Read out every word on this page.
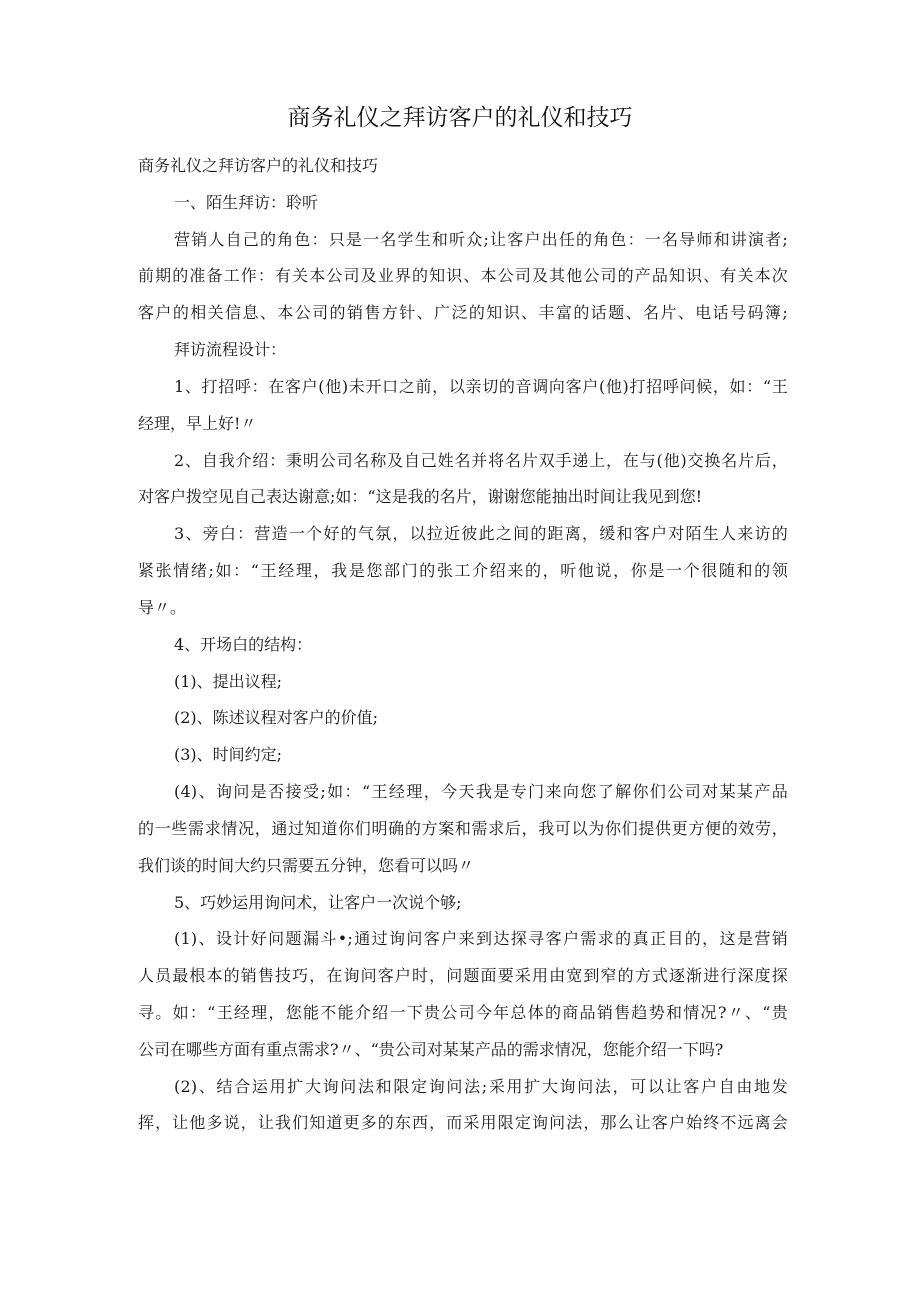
商务礼仪之拜访客户的礼仪和技巧
商务礼仪之拜访客户的礼仪和技巧
一、陌生拜访：聆听
营销人自己的角色：只是一名学生和听众;让客户出任的角色：一名导师和讲演者;
前期的准备工作：有关本公司及业界的知识、本公司及其他公司的产品知识、有关本次
客户的相关信息、本公司的销售方针、广泛的知识、丰富的话题、名片、电话号码簿;
拜访流程设计：
1、打招呼：在客户(他)未开口之前，以亲切的音调向客户(他)打招呼问候，如：“王
经理，早上好!〃
2、自我介绍：秉明公司名称及自己姓名并将名片双手递上，在与(他)交换名片后，
对客户拨空见自己表达谢意;如：“这是我的名片，谢谢您能抽出时间让我见到您!
3、旁白：营造一个好的气氛，以拉近彼此之间的距离，缓和客户对陌生人来访的
紧张情绪;如：“王经理，我是您部门的张工介绍来的，听他说，你是一个很随和的领
导〃。
4、开场白的结构：
(1)、提出议程;
(2)、陈述议程对客户的价值;
(3)、时间约定;
(4)、询问是否接受;如：“王经理，今天我是专门来向您了解你们公司对某某产品
的一些需求情况，通过知道你们明确的方案和需求后，我可以为你们提供更方便的效劳，
我们谈的时间大约只需要五分钟，您看可以吗〃
5、巧妙运用询问术，让客户一次说个够;
(1)、设计好问题漏斗•;通过询问客户来到达探寻客户需求的真正目的，这是营销
人员最根本的销售技巧，在询问客户时，问题面要采用由宽到窄的方式逐渐进行深度探
寻。如：“王经理，您能不能介绍一下贵公司今年总体的商品销售趋势和情况?〃、“贵
公司在哪些方面有重点需求?〃、“贵公司对某某产品的需求情况，您能介绍一下吗?
(2)、结合运用扩大询问法和限定询问法;采用扩大询问法，可以让客户自由地发
挥，让他多说，让我们知道更多的东西，而采用限定询问法，那么让客户始终不远离会
